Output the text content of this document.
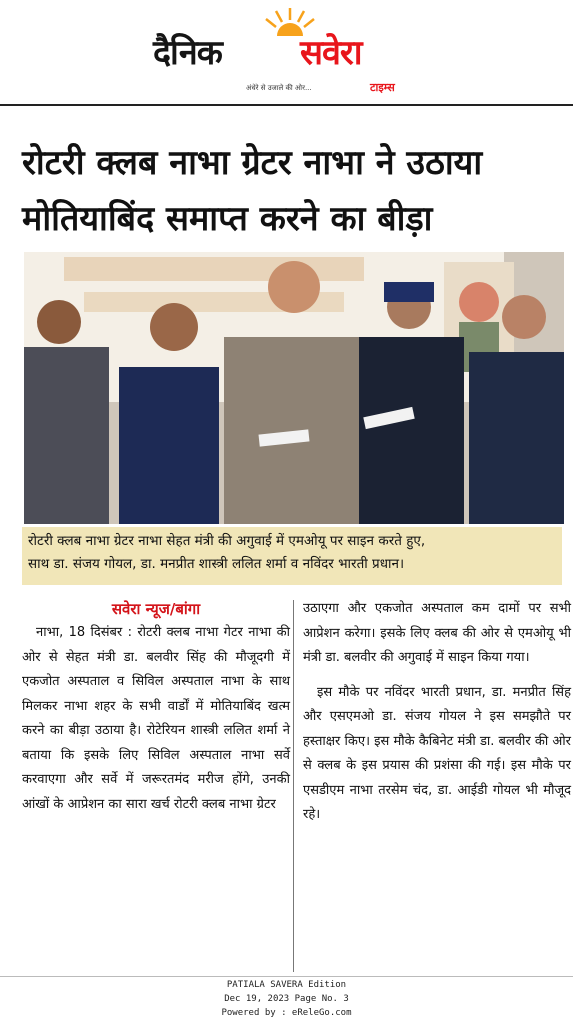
दैनिक सवेरा
अंधेरे से उजाले की ओर...	टाइम्स
रोटरी क्लब नाभा ग्रेटर नाभा ने उठाया
मोतियाबिंद समाप्त करने का बीड़ा

रोटरी क्लब नाभा ग्रेटर नाभा सेहत मंत्री की अगुवाई में एमओयू पर साइन करते हुए,

साथ डा. संजय गोयल, डा. मनप्रीत शास्त्री ललित शर्मा व नविंदर भारती प्रधान।

सवेरा न्यूज/बांगा

नाभा, 18 दिसंबर : रोटरी क्लब नाभा गेटर नाभा की ओर से सेहत मंत्री डा. बलवीर सिंह की मौजूदगी में एकजोत अस्पताल व सिविल अस्पताल नाभा के साथ मिलकर नाभा शहर के सभी वार्डों में मोतियाबिंद खत्म करने का बीड़ा उठाया है। रोटेरियन शास्त्री ललित शर्मा ने बताया कि इसके लिए सिविल अस्पताल नाभा सर्वे करवाएगा और सर्वे में जरूरतमंद मरीज होंगे, उनकी आंखों के आप्रेशन का सारा खर्च रोटरी क्लब नाभा ग्रेटर

उठाएगा और एकजोत अस्पताल कम दामों पर सभी आप्रेशन करेगा। इसके लिए क्लब की ओर से एमओयू भी मंत्री डा. बलवीर की अगुवाई में साइन किया गया।

इस मौके पर नविंदर भारती प्रधान, डा. मनप्रीत सिंह और एसएमओ डा. संजय गोयल ने इस समझौते पर हस्ताक्षर किए। इस मौके कैबिनेट मंत्री डा. बलवीर की ओर से क्लब के इस प्रयास की प्रशंसा की गई। इस मौके पर एसडीएम नाभा तरसेम चंद, डा. आईडी गोयल भी मौजूद रहे।

PATIALA SAVERA Edition
Dec 19, 2023 Page No. 3
Powered by : eReleGo.com
